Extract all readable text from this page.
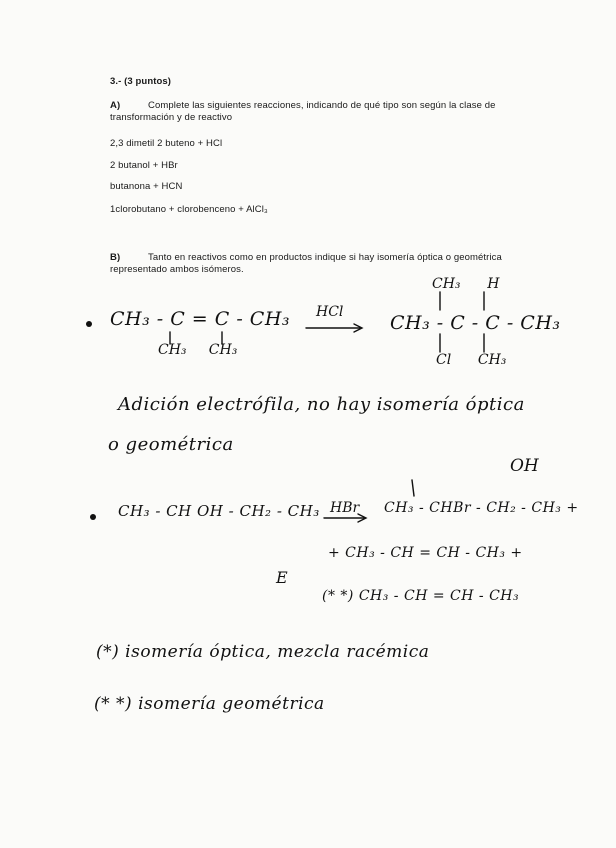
3.- (3 puntos)
A)	Complete las siguientes reacciones, indicando de qué tipo son según la clase de transformación y de reactivo
2,3 dimetil 2 buteno + HCl
2 butanol + HBr
butanona + HCN
1clorobutano + clorobenceno + AlCl₃
B)	Tanto en reactivos como en productos indique si hay isomería óptica o geométrica representado ambos isómeros.
CH₃ - C = C - CH₃
CH₃     CH₃
HCl
CH₃      H
CH₃ - C - C - CH₃
Cl      CH₃
Adición electrófila, no hay isomería óptica
o geométrica
OH
CH₃ - CH OH - CH₂ - CH₃ HBr CH₃ - CHBr - CH₂ - CH₃ +
+ CH₃ - CH = CH - CH₃ +
E
(* *) CH₃ - CH = CH - CH₃
(*) isomería óptica, mezcla racémica
(* *) isomería geométrica
